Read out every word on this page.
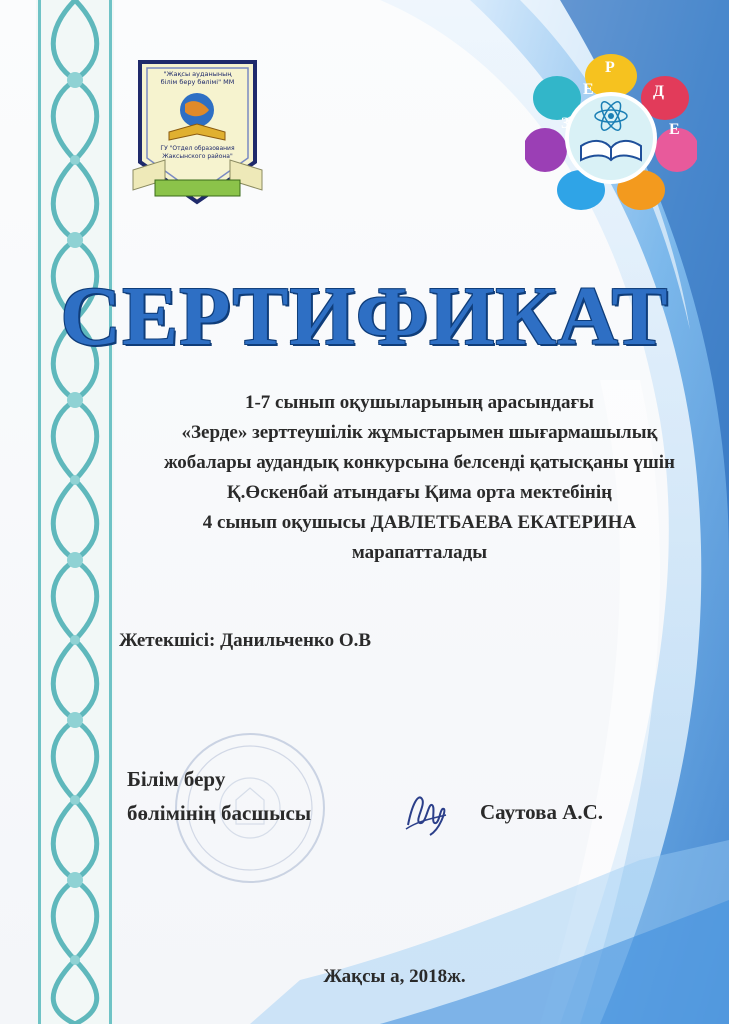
"Жақсы ауданының
білім беру бөлімі" ММ
ГУ "Отдел образования
Жаксынского района"
З
Е
Р
Д
Е
СЕРТИФИКАТ
1-7 сынып оқушыларының арасындағы
«Зерде» зерттеушілік жұмыстарымен шығармашылық
жобалары аудандық конкурсына белсенді қатысқаны үшін
Қ.Өскенбай атындағы Қима орта мектебінің
4 сынып оқушысы ДАВЛЕТБАЕВА ЕКАТЕРИНА
марапатталады
Жетекшісі: Данильченко О.В
Білім беру
бөлімінің басшысы	Саутова А.С.
Жақсы а, 2018ж.
